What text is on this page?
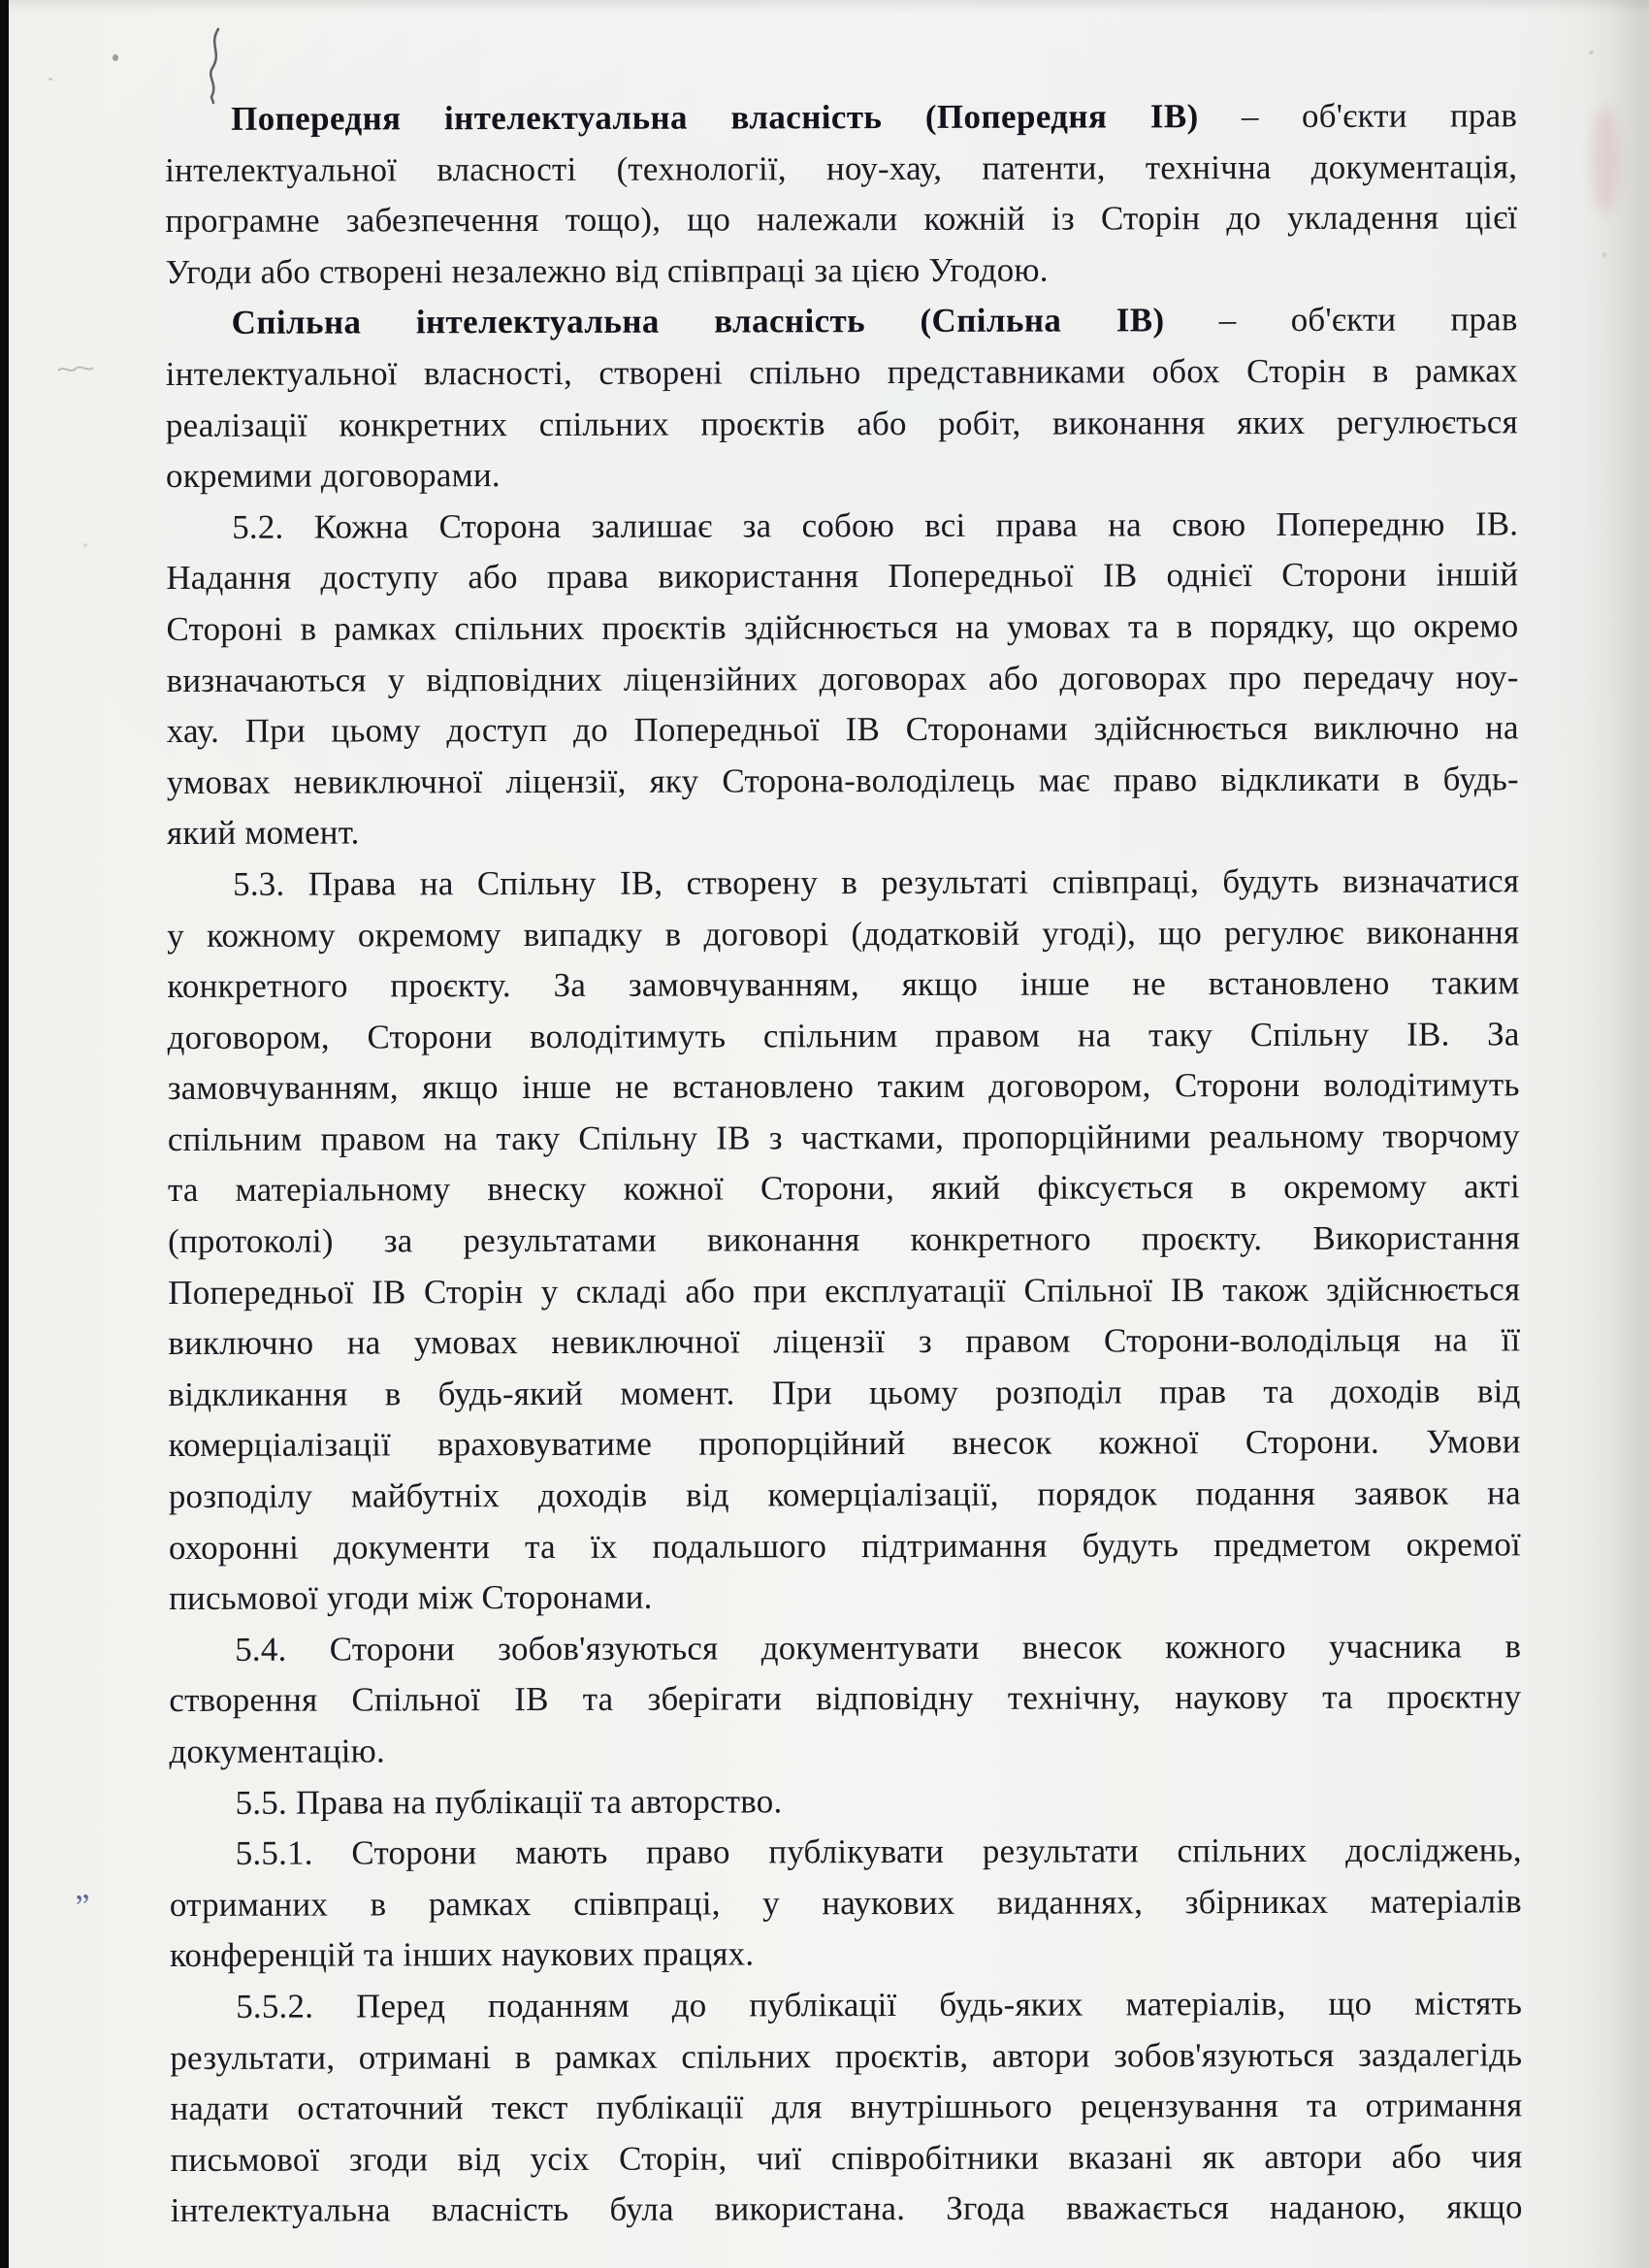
„
Попередня інтелектуальна власність (Попередня ІВ) – об'єкти прав
інтелектуальної власності (технології, ноу-хау, патенти, технічна документація,
програмне забезпечення тощо), що належали кожній із Сторін до укладення цієї
Угоди або створені незалежно від співпраці за цією Угодою.
Спільна інтелектуальна власність (Спільна ІВ) – об'єкти прав
інтелектуальної власності, створені спільно представниками обох Сторін в рамках
реалізації конкретних спільних проєктів або робіт, виконання яких регулюється
окремими договорами.
5.2. Кожна Сторона залишає за собою всі права на свою Попередню ІВ.
Надання доступу або права використання Попередньої ІВ однієї Сторони іншій
Стороні в рамках спільних проєктів здійснюється на умовах та в порядку, що окремо
визначаються у відповідних ліцензійних договорах або договорах про передачу ноу-
хау. При цьому доступ до Попередньої ІВ Сторонами здійснюється виключно на
умовах невиключної ліцензії, яку Сторона-володілець має право відкликати в будь-
який момент.
5.3. Права на Спільну ІВ, створену в результаті співпраці, будуть визначатися
у кожному окремому випадку в договорі (додатковій угоді), що регулює виконання
конкретного проєкту. За замовчуванням, якщо інше не встановлено таким
договором, Сторони володітимуть спільним правом на таку Спільну ІВ. За
замовчуванням, якщо інше не встановлено таким договором, Сторони володітимуть
спільним правом на таку Спільну ІВ з частками, пропорційними реальному творчому
та матеріальному внеску кожної Сторони, який фіксується в окремому акті
(протоколі) за результатами виконання конкретного проєкту. Використання
Попередньої ІВ Сторін у складі або при експлуатації Спільної ІВ також здійснюється
виключно на умовах невиключної ліцензії з правом Сторони-володільця на її
відкликання в будь-який момент. При цьому розподіл прав та доходів від
комерціалізації враховуватиме пропорційний внесок кожної Сторони. Умови
розподілу майбутніх доходів від комерціалізації, порядок подання заявок на
охоронні документи та їх подальшого підтримання будуть предметом окремої
письмової угоди між Сторонами.
5.4. Сторони зобов'язуються документувати внесок кожного учасника в
створення Спільної ІВ та зберігати відповідну технічну, наукову та проєктну
документацію.
5.5. Права на публікації та авторство.
5.5.1. Сторони мають право публікувати результати спільних досліджень,
отриманих в рамках співпраці, у наукових виданнях, збірниках матеріалів
конференцій та інших наукових працях.
5.5.2. Перед поданням до публікації будь-яких матеріалів, що містять
результати, отримані в рамках спільних проєктів, автори зобов'язуються заздалегідь
надати остаточний текст публікації для внутрішнього рецензування та отримання
письмової згоди від усіх Сторін, чиї співробітники вказані як автори або чия
інтелектуальна власність була використана. Згода вважається наданою, якщо
